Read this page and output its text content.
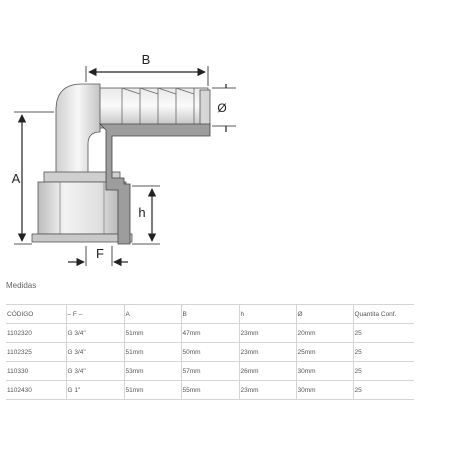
B
A
Ø
h
F
Medidas
CÓDIGO	– F –	A	B	h	Ø	Quantita Conf.
1102320	G 3/4"	51mm	47mm	23mm	20mm	25
1102325	G 3/4"	51mm	50mm	23mm	25mm	25
110330	G 3/4"	53mm	57mm	26mm	30mm	25
1102430	G 1"	51mm	55mm	23mm	30mm	25
